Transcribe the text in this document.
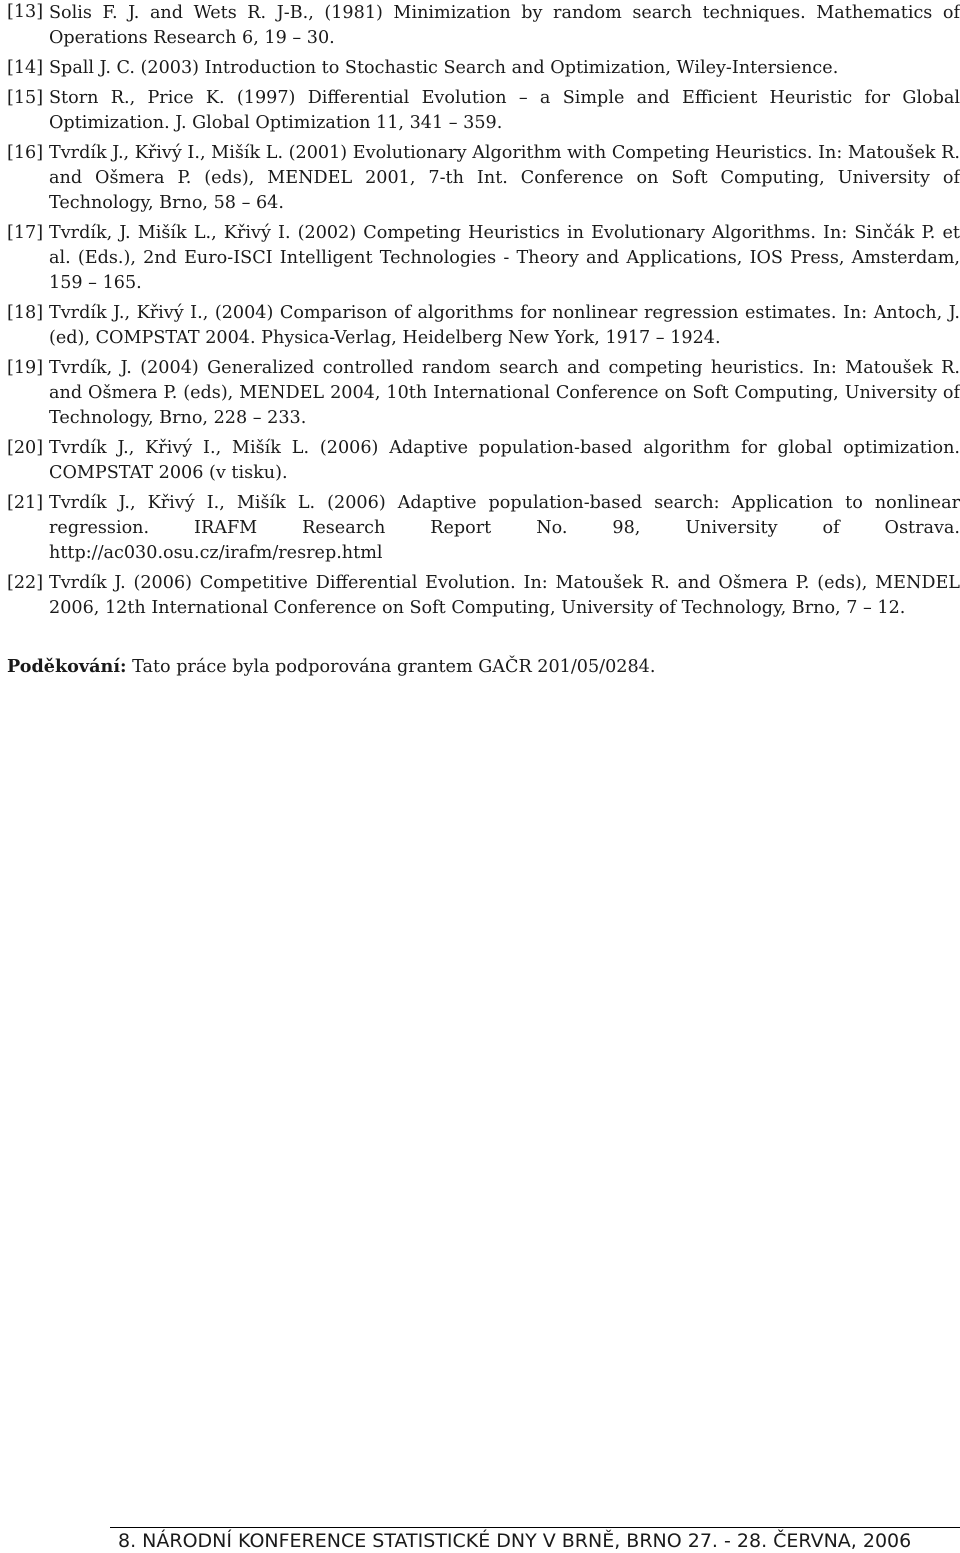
[13] Solis F. J. and Wets R. J-B., (1981) Minimization by random search techniques. Mathematics of Operations Research 6, 19 – 30.
[14] Spall J. C. (2003) Introduction to Stochastic Search and Optimization, Wiley-Intersience.
[15] Storn R., Price K. (1997) Differential Evolution – a Simple and Efficient Heuristic for Global Optimization. J. Global Optimization 11, 341 – 359.
[16] Tvrdík J., Křivý I., Mišík L. (2001) Evolutionary Algorithm with Competing Heuristics. In: Matoušek R. and Ošmera P. (eds), MENDEL 2001, 7-th Int. Conference on Soft Computing, University of Technology, Brno, 58 – 64.
[17] Tvrdík, J. Mišík L., Křivý I. (2002) Competing Heuristics in Evolutionary Algorithms. In: Sinčák P. et al. (Eds.), 2nd Euro-ISCI Intelligent Technologies - Theory and Applications, IOS Press, Amsterdam, 159 – 165.
[18] Tvrdík J., Křivý I., (2004) Comparison of algorithms for nonlinear regression estimates. In: Antoch, J. (ed), COMPSTAT 2004. Physica-Verlag, Heidelberg New York, 1917 – 1924.
[19] Tvrdík, J. (2004) Generalized controlled random search and competing heuristics. In: Matoušek R. and Ošmera P. (eds), MENDEL 2004, 10th International Conference on Soft Computing, University of Technology, Brno, 228 – 233.
[20] Tvrdík J., Křivý I., Mišík L. (2006) Adaptive population-based algorithm for global optimization. COMPSTAT 2006 (v tisku).
[21] Tvrdík J., Křivý I., Mišík L. (2006) Adaptive population-based search: Application to nonlinear regression. IRAFM Research Report No. 98, University of Ostrava. http://ac030.osu.cz/irafm/resrep.html
[22] Tvrdík J. (2006) Competitive Differential Evolution. In: Matoušek R. and Ošmera P. (eds), MENDEL 2006, 12th International Conference on Soft Computing, University of Technology, Brno, 7 – 12.
Poděkování: Tato práce byla podporována grantem GAČR 201/05/0284.
8. NÁRODNÍ KONFERENCE STATISTICKÉ DNY V BRNĚ, BRNO 27. - 28. ČERVNA, 2006
